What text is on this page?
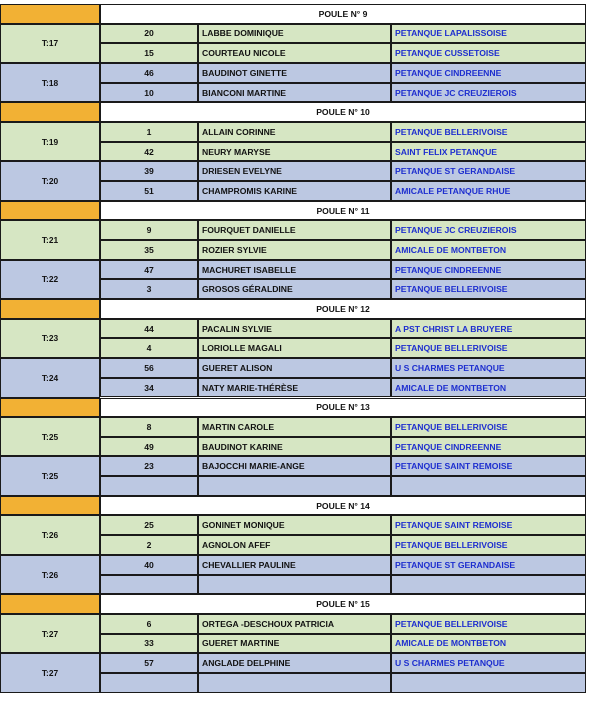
POULE N° 9
T:17
20	LABBE DOMINIQUE	PETANQUE LAPALISSOISE
15	COURTEAU NICOLE	PETANQUE CUSSETOISE
T:18
46	BAUDINOT GINETTE	PETANQUE CINDREENNE
10	BIANCONI MARTINE	PETANQUE JC CREUZIEROIS
POULE N° 10
T:19
1	ALLAIN CORINNE	PETANQUE BELLERIVOISE
42	NEURY MARYSE	SAINT FELIX PETANQUE
T:20
39	DRIESEN EVELYNE	PETANQUE ST GERANDAISE
51	CHAMPROMIS KARINE	AMICALE PETANQUE RHUE
POULE N° 11
T:21
9	FOURQUET DANIELLE	PETANQUE JC CREUZIEROIS
35	ROZIER SYLVIE	AMICALE DE MONTBETON
T:22
47	MACHURET ISABELLE	PETANQUE CINDREENNE
3	GROSOS GÉRALDINE	PETANQUE BELLERIVOISE
POULE N° 12
T:23
44	PACALIN SYLVIE	A PST CHRIST LA BRUYERE
4	LORIOLLE MAGALI	PETANQUE BELLERIVOISE
T:24
56	GUERET ALISON	U S CHARMES PETANQUE
34	NATY MARIE-THÉRÈSE	AMICALE DE MONTBETON
POULE N° 13
T:25
8	MARTIN CAROLE	PETANQUE BELLERIVOISE
49	BAUDINOT KARINE	PETANQUE CINDREENNE
T:25
23	BAJOCCHI MARIE-ANGE	PETANQUE SAINT REMOISE
POULE N° 14
T:26
25	GONINET MONIQUE	PETANQUE SAINT REMOISE
2	AGNOLON AFEF	PETANQUE BELLERIVOISE
T:26
40	CHEVALLIER PAULINE	PETANQUE ST GERANDAISE
POULE N° 15
T:27
6	ORTEGA -DESCHOUX PATRICIA	PETANQUE BELLERIVOISE
33	GUERET MARTINE	AMICALE DE MONTBETON
T:27
57	ANGLADE DELPHINE	U S CHARMES PETANQUE
